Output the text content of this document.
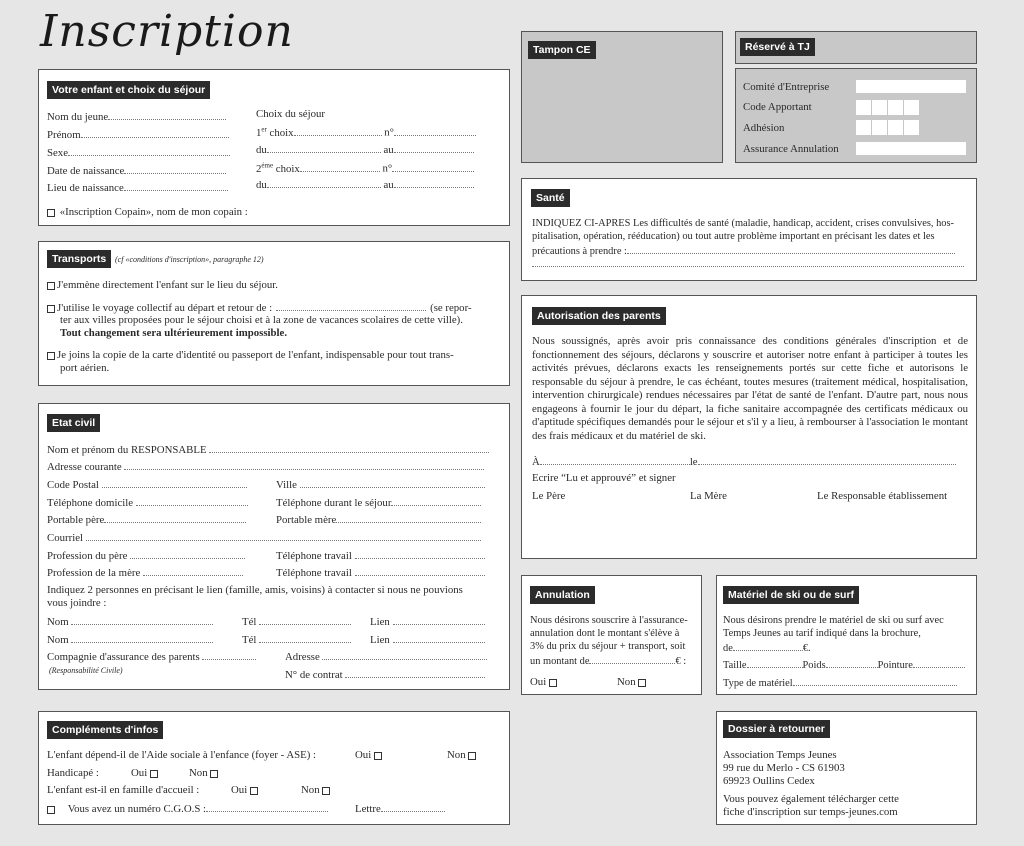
Inscription
Votre enfant et choix du séjour
Nom du jeune
Prénom
Sexe
Date de naissance
Lieu de naissance
Choix du séjour
1er choix	n°
du	au
$2^{éme}$ choix	n°
du	au
«Inscription Copain», nom de mon copain :
Transports	(cf «conditions d'inscription», paragraphe 12)
J'emmène directement l'enfant sur le lieu du séjour.
J'utilise le voyage collectif au départ et retour de :	(se repor-
ter aux villes proposées pour le séjour choisi et à la zone de vacances scolaires de cette ville).
Tout changement sera ultérieurement impossible.
Je joins la copie de la carte d'identité ou passeport de l'enfant, indispensable pour tout trans-
port aérien.
Etat civil
Nom et prénom du RESPONSABLE
Adresse courante
Code Postal	Ville
Téléphone domicile	Téléphone durant le séjour
Portable père	Portable mère
Courriel
Profession du père	Téléphone travail
Profession de la mère	Téléphone travail
Indiquez 2 personnes en précisant le lien (famille, amis, voisins) à contacter si nous ne pouvions
vous joindre :
Nom	Tél	Lien
Nom	Tél	Lien
Compagnie d'assurance des parents
(Responsabilité Civile)
Adresse
N° de contrat
Compléments d'infos
L'enfant dépend-il de l'Aide sociale à l'enfance (foyer - ASE) :	Oui	Non
Handicapé :	Oui	Non
L'enfant est-il en famille d'accueil :	Oui	Non
Vous avez un numéro C.G.O.S :	Lettre
Tampon CE	Réservé à TJ
Comité d'Entreprise
Code Apportant
Adhésion
Assurance Annulation
Santé
INDIQUEZ CI-APRES Les difficultés de santé (maladie, handicap, accident, crises convulsives, hos-
pitalisation, opération, rééducation) ou tout autre problème important en précisant les dates et les
précautions à prendre :
Autorisation des parents
Nous soussignés, après avoir pris connaissance des conditions générales d'inscription et de fonctionnement des séjours, déclarons y souscrire et autoriser notre enfant à participer à toutes les activités prévues, déclarons exacts les renseignements portés sur cette fiche et autorisons le responsable du séjour à prendre, le cas échéant, toutes mesures (traitement médical, hospitalisation, intervention chirurgicale) rendues nécessaires par l'état de santé de l'enfant. D'autre part, nous nous engageons à fournir le jour du départ, la fiche sanitaire accompagnée des certificats médicaux ou d'aptitude spécifiques demandés pour le séjour et s'il y a lieu, à rembourser à l'association le montant des frais médicaux et du matériel de ski.
À	le
Ecrire “Lu et approuvé” et signer
Le Père	La Mère	Le Responsable établissement
Annulation
Nous désirons souscrire à l'assurance-
annulation dont le montant s'élève à
3% du prix du séjour + transport, soit
un montant de	€ :
Oui	Non
Matériel de ski ou de surf
Nous désirons prendre le matériel de ski ou surf avec
Temps Jeunes au tarif indiqué dans la brochure,
de	€.
Taille	Poids	Pointure
Type de matériel
Dossier à retourner
Association Temps Jeunes
99 rue du Merlo - CS 61903
69923 Oullins Cedex
Vous pouvez également télécharger cette
fiche d'inscription sur temps-jeunes.com
